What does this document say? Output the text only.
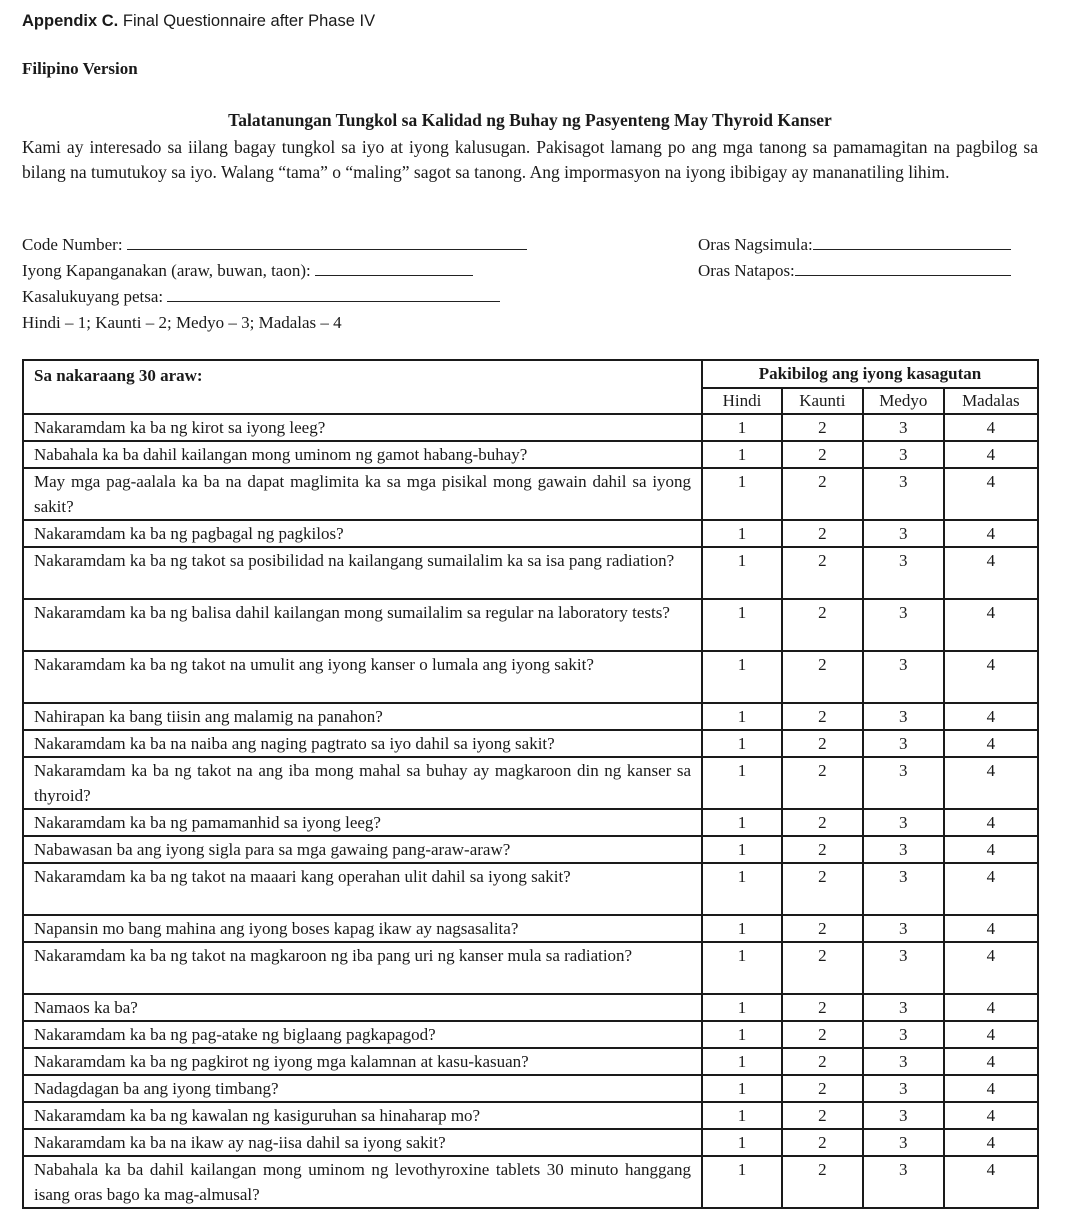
Appendix C. Final Questionnaire after Phase IV
Filipino Version
Talatanungan Tungkol sa Kalidad ng Buhay ng Pasyenteng May Thyroid Kanser
Kami ay interesado sa iilang bagay tungkol sa iyo at iyong kalusugan. Pakisagot lamang po ang mga tanong sa pamamagitan na pagbilog sa bilang na tumutukoy sa iyo. Walang “tama” o “maling” sagot sa tanong. Ang impormasyon na iyong ibibigay ay mananatiling lihim.
Code Number:
Iyong Kapanganakan (araw, buwan, taon):
Kasalukuyang petsa:
Hindi – 1; Kaunti – 2; Medyo – 3; Madalas – 4
Oras Nagsimula:
Oras Natapos:
Sa nakaraang 30 araw:	Pakibilog ang iyong kasagutan			
	Hindi	Kaunti	Medyo	Madalas
Nakaramdam ka ba ng kirot sa iyong leeg?	1	2	3	4
Nabahala ka ba dahil kailangan mong uminom ng gamot habang-buhay?	1	2	3	4
May mga pag-aalala ka ba na dapat maglimita ka sa mga pisikal mong gawain dahil sa iyong sakit?	1	2	3	4
Nakaramdam ka ba ng pagbagal ng pagkilos?	1	2	3	4
Nakaramdam ka ba ng takot sa posibilidad na kailangang sumailalim ka sa isa pang radiation?	1	2	3	4
Nakaramdam ka ba ng balisa dahil kailangan mong sumailalim sa regular na laboratory tests?	1	2	3	4
Nakaramdam ka ba ng takot na umulit ang iyong kanser o lumala ang iyong sakit?	1	2	3	4
Nahirapan ka bang tiisin ang malamig na panahon?	1	2	3	4
Nakaramdam ka ba na naiba ang naging pagtrato sa iyo dahil sa iyong sakit?	1	2	3	4
Nakaramdam ka ba ng takot na ang iba mong mahal sa buhay ay magkaroon din ng kanser sa thyroid?	1	2	3	4
Nakaramdam ka ba ng pamamanhid sa iyong leeg?	1	2	3	4
Nabawasan ba ang iyong sigla para sa mga gawaing pang-araw-araw?	1	2	3	4
Nakaramdam ka ba ng takot na maaari kang operahan ulit dahil sa iyong sakit?	1	2	3	4
Napansin mo bang mahina ang iyong boses kapag ikaw ay nagsasalita?	1	2	3	4
Nakaramdam ka ba ng takot na magkaroon ng iba pang uri ng kanser mula sa radiation?	1	2	3	4
Namaos ka ba?	1	2	3	4
Nakaramdam ka ba ng pag-atake ng biglaang pagkapagod?	1	2	3	4
Nakaramdam ka ba ng pagkirot ng iyong mga kalamnan at kasu-kasuan?	1	2	3	4
Nadagdagan ba ang iyong timbang?	1	2	3	4
Nakaramdam ka ba ng kawalan ng kasiguruhan sa hinaharap mo?	1	2	3	4
Nakaramdam ka ba na ikaw ay nag-iisa dahil sa iyong sakit?	1	2	3	4
Nabahala ka ba dahil kailangan mong uminom ng levothyroxine tablets 30 minuto hanggang isang oras bago ka mag-almusal?	1	2	3	4
